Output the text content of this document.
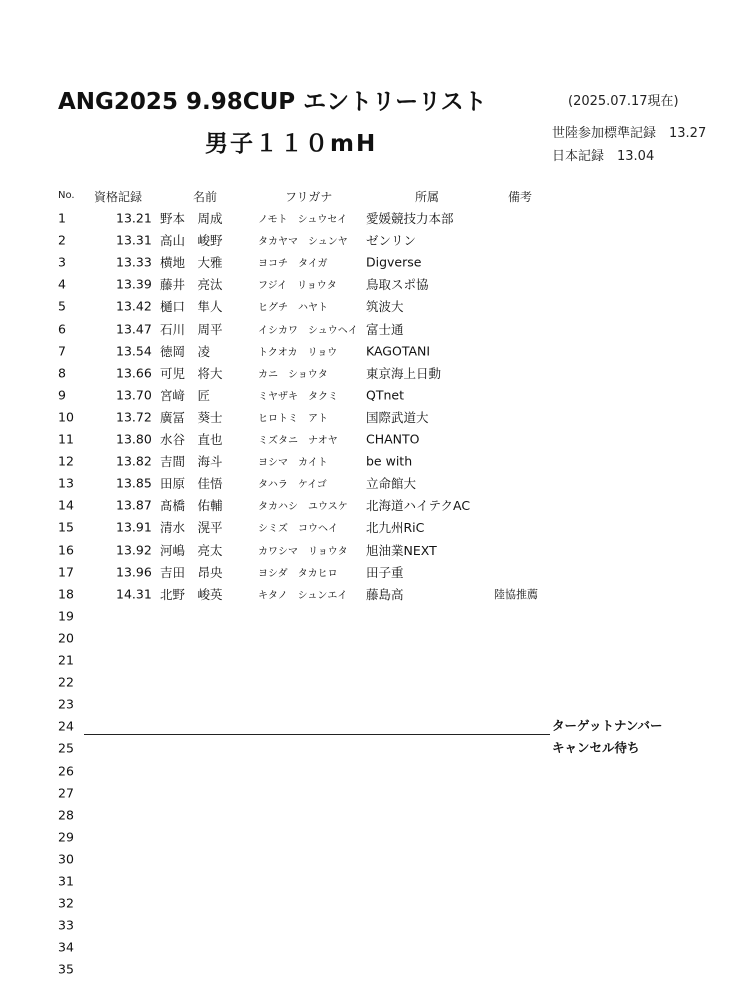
ANG2025 9.98CUP エントリーリスト	(2025.07.17現在)
男子１１０mH	世陸参加標準記録　13.27
日本記録　13.04
No. 資格記録	名前	フリガナ	所属	備考
1	13.21 野本　周成	ノモト　シュウセイ 愛媛競技力本部
2	13.31 高山　峻野	タカヤマ　シュンヤ ゼンリン
3	13.33 横地　大雅	ヨコチ　タイガ	Digverse
4	13.39 藤井　亮汰	フジイ　リョウタ 鳥取スポ協
5	13.42 樋口　隼人	ヒグチ　ハヤト	筑波大
6	13.47 石川　周平	イシカワ　シュウヘイ 富士通
7	13.54 徳岡　凌	トクオカ　リョウ KAGOTANI
8	13.66 可児　将大	カニ　ショウタ	東京海上日動
9	13.70 宮﨑　匠	ミヤザキ　タクミ QTnet
10	13.72 廣冨　葵士	ヒロトミ　アト	国際武道大
11	13.80 水谷　直也	ミズタニ　ナオヤ CHANTO
12	13.82 吉間　海斗	ヨシマ　カイト	be with
13	13.85 田原　佳悟	タハラ　ケイゴ	立命館大
14	13.87 髙橋　佑輔	タカハシ　ユウスケ 北海道ハイテクAC
15	13.91 清水　滉平	シミズ　コウヘイ 北九州RiC
16	13.92 河嶋　亮太	カワシマ　リョウタ 旭油業NEXT
17	13.96 吉田　昂央	ヨシダ　タカヒロ 田子重
18	14.31 北野　峻英	キタノ　シュンエイ 藤島高	陸協推薦
19
20
21
22
23
24
25
26
27
28
29
30
31
32
33
34
35
ターゲットナンバー
キャンセル待ち
